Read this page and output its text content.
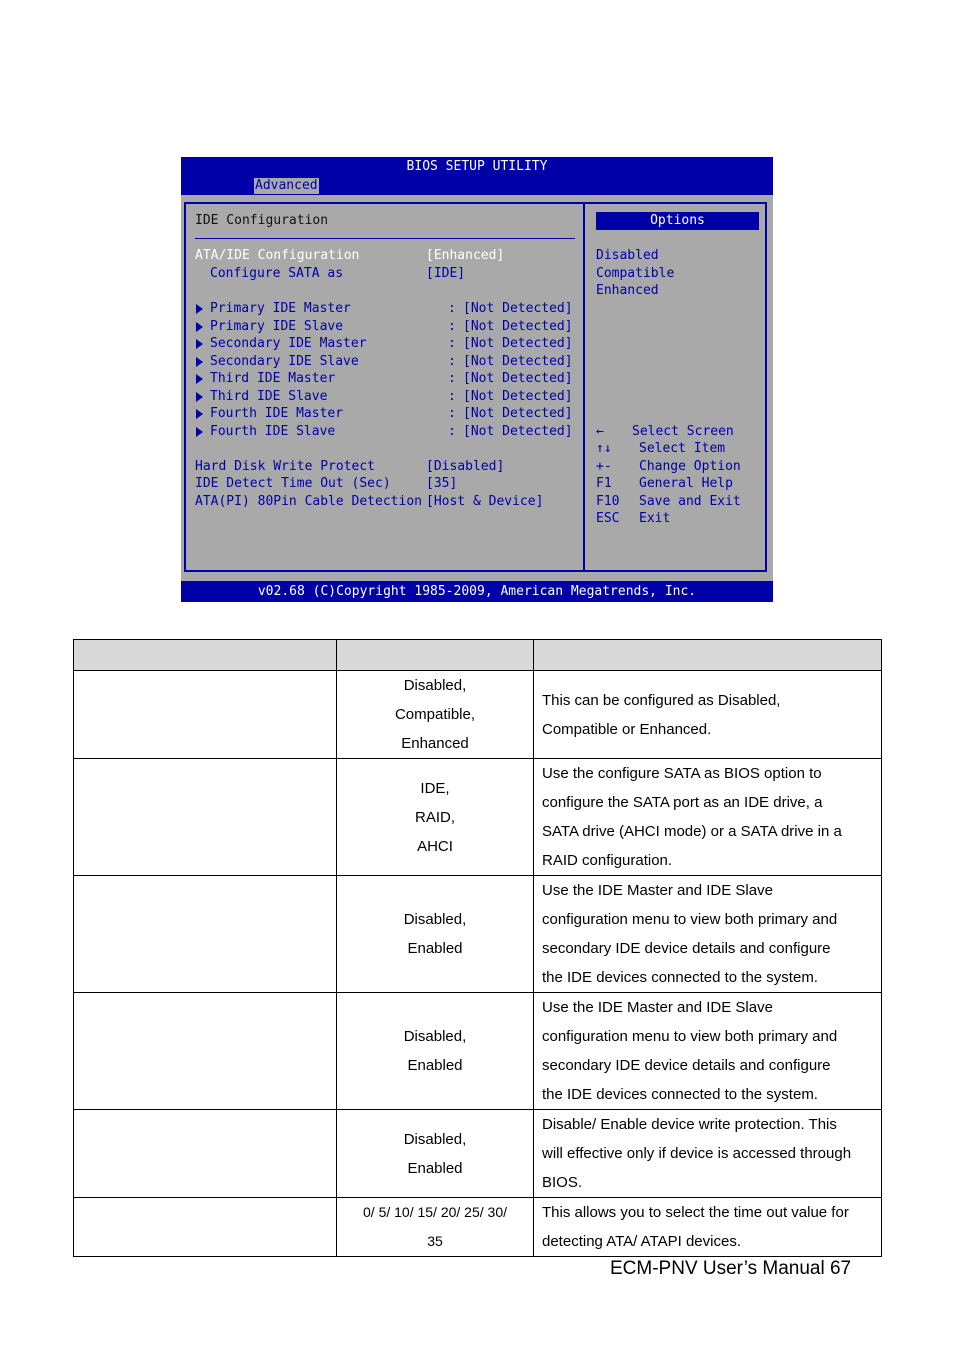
BIOS SETUP UTILITY
Advanced
IDE Configuration
ATA/IDE Configuration	[Enhanced]
Configure SATA as	[IDE]
Primary IDE Master	: [Not Detected]
Primary IDE Slave	: [Not Detected]
Secondary IDE Master	: [Not Detected]
Secondary IDE Slave	: [Not Detected]
Third IDE Master	: [Not Detected]
Third IDE Slave	: [Not Detected]
Fourth IDE Master	: [Not Detected]
Fourth IDE Slave	: [Not Detected]
Hard Disk Write Protect	[Disabled]
IDE Detect Time Out (Sec)	[35]
ATA(PI) 80Pin Cable Detection [Host & Device]
Options
Disabled
Compatible
Enhanced
← Select Screen
↑↓ Select Item
+- Change Option
F1 General Help
F10 Save and Exit
ESC Exit
v02.68 (C)Copyright 1985-2009, American Megatrends, Inc.

	Disabled,
Compatible,
Enhanced	This can be configured as Disabled,
Compatible or Enhanced.

	IDE,
RAID,
AHCI	Use the configure SATA as BIOS option to
configure the SATA port as an IDE drive, a
SATA drive (AHCI mode) or a SATA drive in a
RAID configuration.

	Disabled,
Enabled	Use the IDE Master and IDE Slave
configuration menu to view both primary and
secondary IDE device details and configure
the IDE devices connected to the system.

	Disabled,
Enabled	Use the IDE Master and IDE Slave
configuration menu to view both primary and
secondary IDE device details and configure
the IDE devices connected to the system.

	Disabled,
Enabled	Disable/ Enable device write protection. This
will effective only if device is accessed through
BIOS.

	0/ 5/ 10/ 15/ 20/ 25/ 30/
35	This allows you to select the time out value for
detecting ATA/ ATAPI devices.
ECM-PNV User’s Manual 67
